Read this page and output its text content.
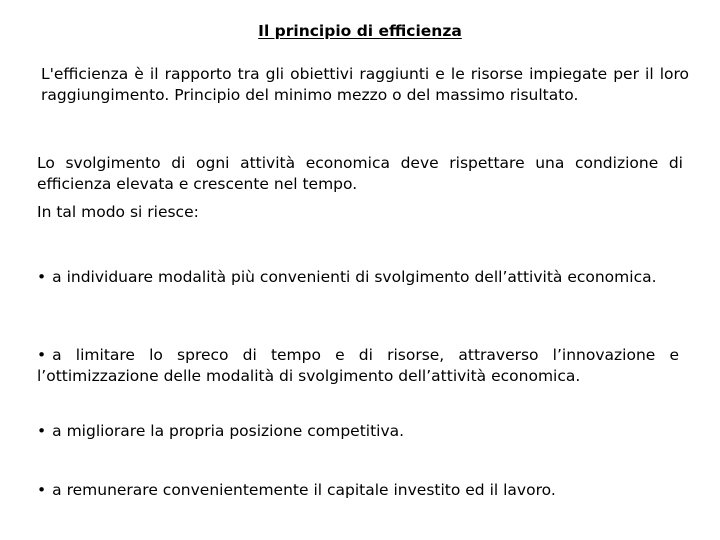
Il principio di efficienza
L'efficienza è il rapporto tra gli obiettivi raggiunti e le risorse impiegate per il loro raggiungimento. Principio del minimo mezzo o del massimo risultato.
Lo svolgimento di ogni attività economica deve rispettare una condizione di efficienza elevata e crescente nel tempo.
In tal modo si riesce:
• a individuare modalità più convenienti di svolgimento dell’attività economica.
• a limitare lo spreco di tempo e di risorse, attraverso l’innovazione e l’ottimizzazione delle modalità di svolgimento dell’attività economica.
• a migliorare la propria posizione competitiva.
• a remunerare convenientemente il capitale investito ed il lavoro.
